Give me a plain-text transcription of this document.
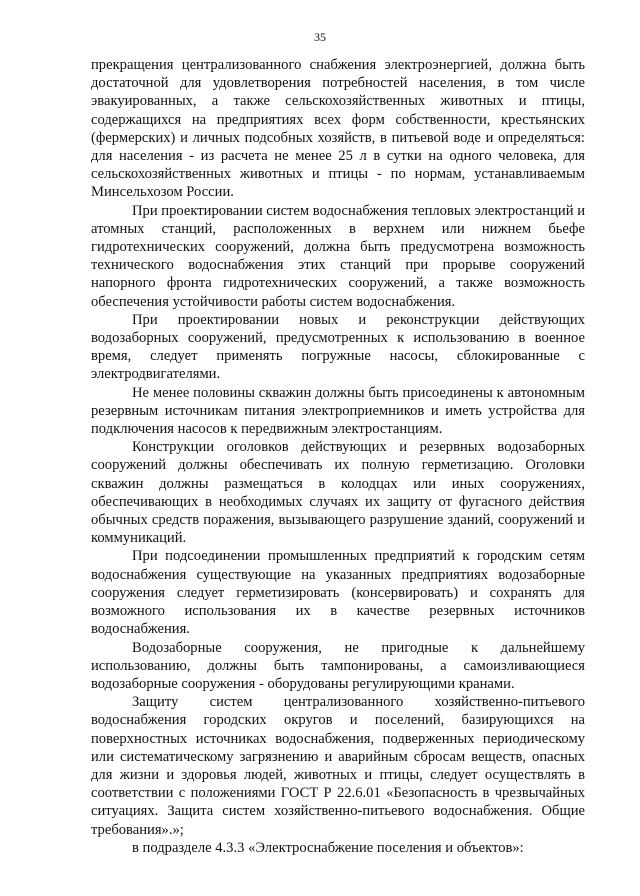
35

прекращения централизованного снабжения электроэнергией, должна быть достаточной для удовлетворения потребностей населения, в том числе эвакуированных, а также сельскохозяйственных животных и птицы, содержащихся на предприятиях всех форм собственности, крестьянских (фермерских) и личных подсобных хозяйств, в питьевой воде и определяться: для населения - из расчета не менее 25 л в сутки на одного человека, для сельскохозяйственных животных и птицы - по нормам, устанавливаемым Минсельхозом России.

При проектировании систем водоснабжения тепловых электростанций и атомных станций, расположенных в верхнем или нижнем бьефе гидротехнических сооружений, должна быть предусмотрена возможность технического водоснабжения этих станций при прорыве сооружений напорного фронта гидротехнических сооружений, а также возможность обеспечения устойчивости работы систем водоснабжения.

При проектировании новых и реконструкции действующих водозаборных сооружений, предусмотренных к использованию в военное время, следует применять погружные насосы, сблокированные с электродвигателями.

Не менее половины скважин должны быть присоединены к автономным резервным источникам питания электроприемников и иметь устройства для подключения насосов к передвижным электростанциям.

Конструкции оголовков действующих и резервных водозаборных сооружений должны обеспечивать их полную герметизацию. Оголовки скважин должны размещаться в колодцах или иных сооружениях, обеспечивающих в необходимых случаях их защиту от фугасного действия обычных средств поражения, вызывающего разрушение зданий, сооружений и коммуникаций.

При подсоединении промышленных предприятий к городским сетям водоснабжения существующие на указанных предприятиях водозаборные сооружения следует герметизировать (консервировать) и сохранять для возможного использования их в качестве резервных источников водоснабжения.

Водозаборные сооружения, не пригодные к дальнейшему использованию, должны быть тампонированы, а самоизливающиеся водозаборные сооружения - оборудованы регулирующими кранами.

Защиту систем централизованного хозяйственно-питьевого водоснабжения городских округов и поселений, базирующихся на поверхностных источниках водоснабжения, подверженных периодическому или систематическому загрязнению и аварийным сбросам веществ, опасных для жизни и здоровья людей, животных и птицы, следует осуществлять в соответствии с положениями ГОСТ Р 22.6.01 «Безопасность в чрезвычайных ситуациях. Защита систем хозяйственно-питьевого водоснабжения. Общие требования».»;

в подразделе 4.3.3 «Электроснабжение поселения и объектов»:
